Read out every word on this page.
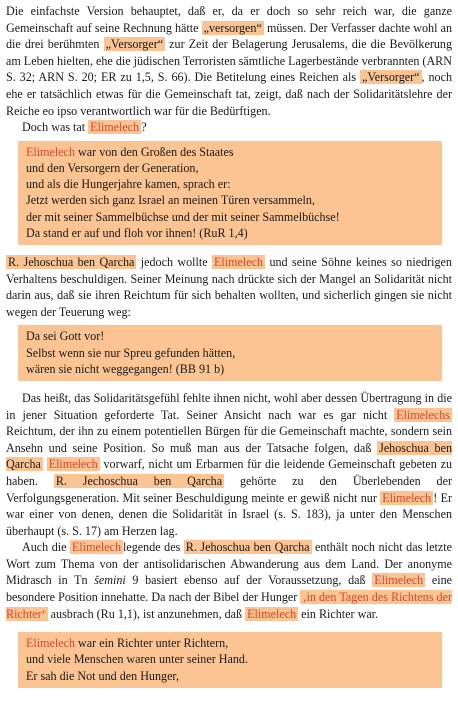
Die einfachste Version behauptet, daß er, da er doch so sehr reich war, die ganze Gemeinschaft auf seine Rechnung hätte „versorgen“ müssen. Der Verfasser dachte wohl an die drei berühmten „Versorger“ zur Zeit der Belagerung Jerusalems, die die Bevölkerung am Leben hielten, ehe die jüdischen Terroristen sämtliche Lagerbestände verbrannten (ARN S. 32; ARN S. 20; ER zu 1,5, S. 66). Die Betitelung eines Reichen als „Versorger“ , noch ehe er tatsächlich etwas für die Gemeinschaft tat, zeigt, daß nach der Solidaritätslehre der Reiche eo ipso verantwortlich war für die Bedürftigen.

Doch was tat Elimelech ?

Elimelech war von den Großen des Staates
und den Versorgern der Generation,
und als die Hungerjahre kamen, sprach er:
Jetzt werden sich ganz Israel an meinen Türen versammeln,
der mit seiner Sammelbüchse und der mit seiner Sammelbüchse!
Da stand er auf und floh vor ihnen! (RuR 1,4)

R. Jehoschua ben Qarcha jedoch wollte Elimelech und seine Söhne keines so niedrigen Verhaltens beschuldigen. Seiner Meinung nach drückte sich der Mangel an Solidarität nicht darin aus, daß sie ihren Reichtum für sich behalten wollten, und sicherlich gingen sie nicht wegen der Teuerung weg:

Da sei Gott vor!
Selbst wenn sie nur Spreu gefunden hätten,
wären sie nicht weggegangen! (BB 91 b)

Das heißt, das Solidaritätsgefühl fehlte ihnen nicht, wohl aber dessen Übertragung in die in jener Situation geforderte Tat. Seiner Ansicht nach war es gar nicht Elimelechs Reichtum, der ihn zu einem potentiellen Bürgen für die Gemeinschaft machte, sondern sein Ansehn und seine Position. So muß man aus der Tatsache folgen, daß Jehoschua ben Qarcha Elimelech vorwarf, nicht um Erbarmen für die leidende Gemeinschaft gebeten zu haben. R. Jechoschua ben Qarcha gehörte zu den Überlebenden der Verfolgungsgeneration. Mit seiner Beschuldigung meinte er gewiß nicht nur Elimelech ! Er war einer von denen, denen die Solidarität in Israel (s. S. 183), ja unter den Menschen überhaupt (s. S. 17) am Herzen lag.

Auch die Elimelech legende des R. Jehoschua ben Qarcha enthält noch nicht das letzte Wort zum Thema von der antisolidarischen Abwanderung aus dem Land. Der anonyme Midrasch in Tn šemini 9 basiert ebenso auf der Voraussetzung, daß Elimelech eine besondere Position innehatte. Da nach der Bibel der Hunger ‚in den Tagen des Richtens der Richter‘ ausbrach (Ru 1,1), ist anzunehmen, daß Elimelech ein Richter war.

Elimelech war ein Richter unter Richtern,
und viele Menschen waren unter seiner Hand.
Er sah die Not und den Hunger,
